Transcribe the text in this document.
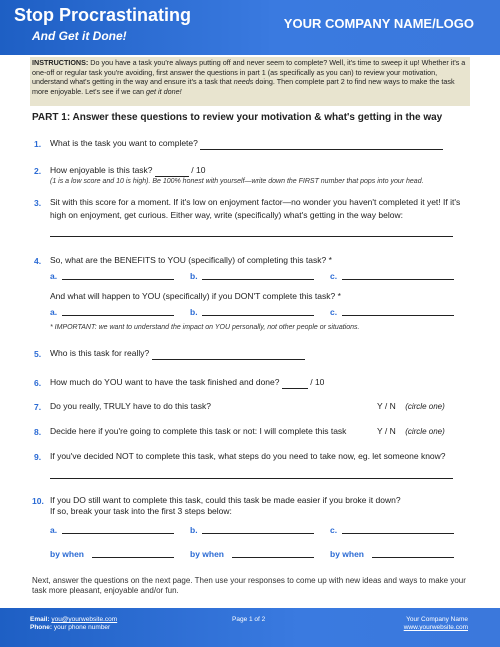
Stop Procrastinating
And Get it Done!
YOUR COMPANY NAME/LOGO
INSTRUCTIONS: Do you have a task you're always putting off and never seem to complete? Well, it's time to sweep it up! Whether it's a one-off or regular task you're avoiding, first answer the questions in part 1 (as specifically as you can) to review your motivation, understand what's getting in the way and ensure it's a task that needs doing. Then complete part 2 to find new ways to make the task more enjoyable. Let's see if we can get it done!
PART 1: Answer these questions to review your motivation & what's getting in the way
1. What is the task you want to complete?
2. How enjoyable is this task?	/ 10
(1 is a low score and 10 is high). Be 100% honest with yourself—write down the FIRST number that pops into your head.
3. Sit with this score for a moment. If it's low on enjoyment factor—no wonder you haven't completed it yet! If it's high on enjoyment, get curious. Either way, write (specifically) what's getting in the way below:
4. So, what are the BENEFITS to YOU (specifically) of completing this task? *
a.	b.	c.
And what will happen to YOU (specifically) if you DON'T complete this task? *
a.	b.	c.
* IMPORTANT: we want to understand the impact on YOU personally, not other people or situations.
5. Who is this task for really?
6. How much do YOU want to have the task finished and done?	/ 10
7. Do you really, TRULY have to do this task?	Y / N (circle one)
8. Decide here if you're going to complete this task or not: I will complete this task	Y / N (circle one)
9. If you've decided NOT to complete this task, what steps do you need to take now, eg. let someone know?
10. If you DO still want to complete this task, could this task be made easier if you broke it down?
If so, break your task into the first 3 steps below:
a.	b.	c.
by when	by when	by when
Next, answer the questions on the next page. Then use your responses to come up with new ideas and ways to make your task more pleasant, enjoyable and/or fun.
Email: you@yourwebsite.com
Phone: your phone number
Page 1 of 2	Your Company Name
www.yourwebsite.com
